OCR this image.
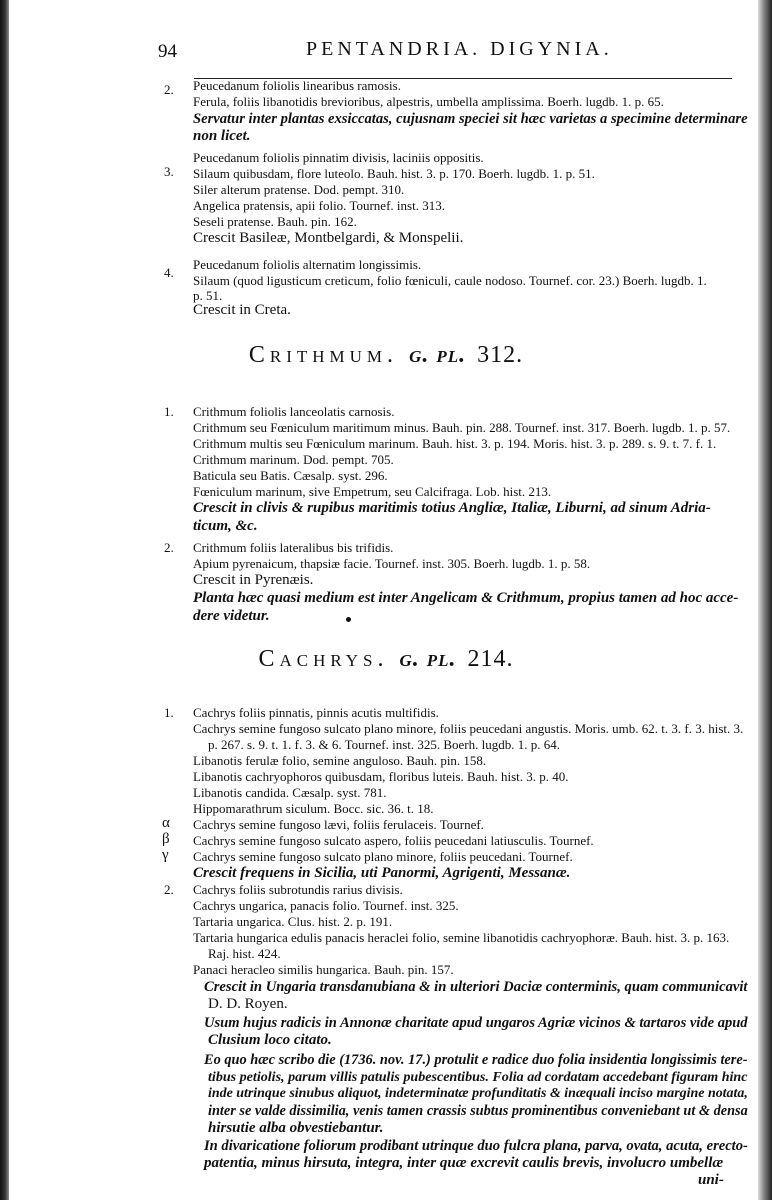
94	PENTANDRIA. DIGYNIA.
2. Peucedanum foliolis linearibus ramosis.
Ferula, foliis libanotidis brevioribus, alpestris, umbella amplissima. Boerh. lugdb. 1. p. 65.
Servatur inter plantas exsiccatas, cujusnam speciei sit hæc varietas a specimine determinare
non licet.
3.
Peucedanum foliolis pinnatim divisis, laciniis oppositis.
Silaum quibusdam, flore luteolo. Bauh. hist. 3. p. 170. Boerh. lugdb. 1. p. 51.
Siler alterum pratense. Dod. pempt. 310.
Angelica pratensis, apii folio. Tournef. inst. 313.
Seseli pratense. Bauh. pin. 162.
Crescit Basileæ, Montbelgardi, & Monspelii.
4.
Peucedanum foliolis alternatim longissimis.
Silaum (quod ligusticum creticum, folio fœniculi, caule nodoso. Tournef. cor. 23.) Boerh. lugdb. 1.
p. 51.
Crescit in Creta.
Crithmum. g. pl. 312.
1. Crithmum foliolis lanceolatis carnosis.
Crithmum seu Fœniculum maritimum minus. Bauh. pin. 288. Tournef. inst. 317. Boerh. lugdb. 1. p. 57.
Crithmum multis seu Fœniculum marinum. Bauh. hist. 3. p. 194. Moris. hist. 3. p. 289. s. 9. t. 7. f. 1.
Crithmum marinum. Dod. pempt. 705.
Baticula seu Batis. Cæsalp. syst. 296.
Fœniculum marinum, sive Empetrum, seu Calcifraga. Lob. hist. 213.
Crescit in clivis & rupibus maritimis totius Angliæ, Italiæ, Liburni, ad sinum Adria-
ticum, &c.
2. Crithmum foliis lateralibus bis trifidis.
Apium pyrenaicum, thapsiæ facie. Tournef. inst. 305. Boerh. lugdb. 1. p. 58.
Crescit in Pyrenæis.
Planta hæc quasi medium est inter Angelicam & Crithmum, propius tamen ad hoc acce-
dere videtur.
Cachrys. g. pl. 214.
1. Cachrys foliis pinnatis, pinnis acutis multifidis.
Cachrys semine fungoso sulcato plano minore, foliis peucedani angustis. Moris. umb. 62. t. 3. f. 3. hist. 3.
p. 267. s. 9. t. 1. f. 3. & 6. Tournef. inst. 325. Boerh. lugdb. 1. p. 64.
Libanotis ferulæ folio, semine anguloso. Bauh. pin. 158.
Libanotis cachryophoros quibusdam, floribus luteis. Bauh. hist. 3. p. 40.
Libanotis candida. Cæsalp. syst. 781.
Hippomarathrum siculum. Bocc. sic. 36. t. 18.
α Cachrys semine fungoso lævi, foliis ferulaceis. Tournef.
β Cachrys semine fungoso sulcato aspero, foliis peucedani latiusculis. Tournef.
γ Cachrys semine fungoso sulcato plano minore, foliis peucedani. Tournef.
Crescit frequens in Sicilia, uti Panormi, Agrigenti, Messanæ.
2. Cachrys foliis subrotundis rarius divisis.
Cachrys ungarica, panacis folio. Tournef. inst. 325.
Tartaria ungarica. Clus. hist. 2. p. 191.
Tartaria hungarica edulis panacis heraclei folio, semine libanotidis cachryophoræ. Bauh. hist. 3. p. 163.
Raj. hist. 424.
Panaci heracleo similis hungarica. Bauh. pin. 157.
Crescit in Ungaria transdanubiana & in ulteriori Daciæ conterminis, quam communicavit
D. D. Royen.
Usum hujus radicis in Annonæ charitate apud ungaros Agriæ vicinos & tartaros vide apud
Clusium loco citato.
Eo quo hæc scribo die (1736. nov. 17.) protulit e radice duo folia insidentia longissimis tere-
tibus petiolis, parum villis patulis pubescentibus. Folia ad cordatam accedebant figuram hinc
inde utrinque sinubus aliquot, indeterminatæ profunditatis & inæquali inciso margine notata,
inter se valde dissimilia, venis tamen crassis subtus prominentibus conveniebant ut & densa
hirsutie alba obvestiebantur.
In divaricatione foliorum prodibant utrinque duo fulcra plana, parva, ovata, acuta, erecto-
patentia, minus hirsuta, integra, inter quæ excrevit caulis brevis, involucro umbellæ
uni-
